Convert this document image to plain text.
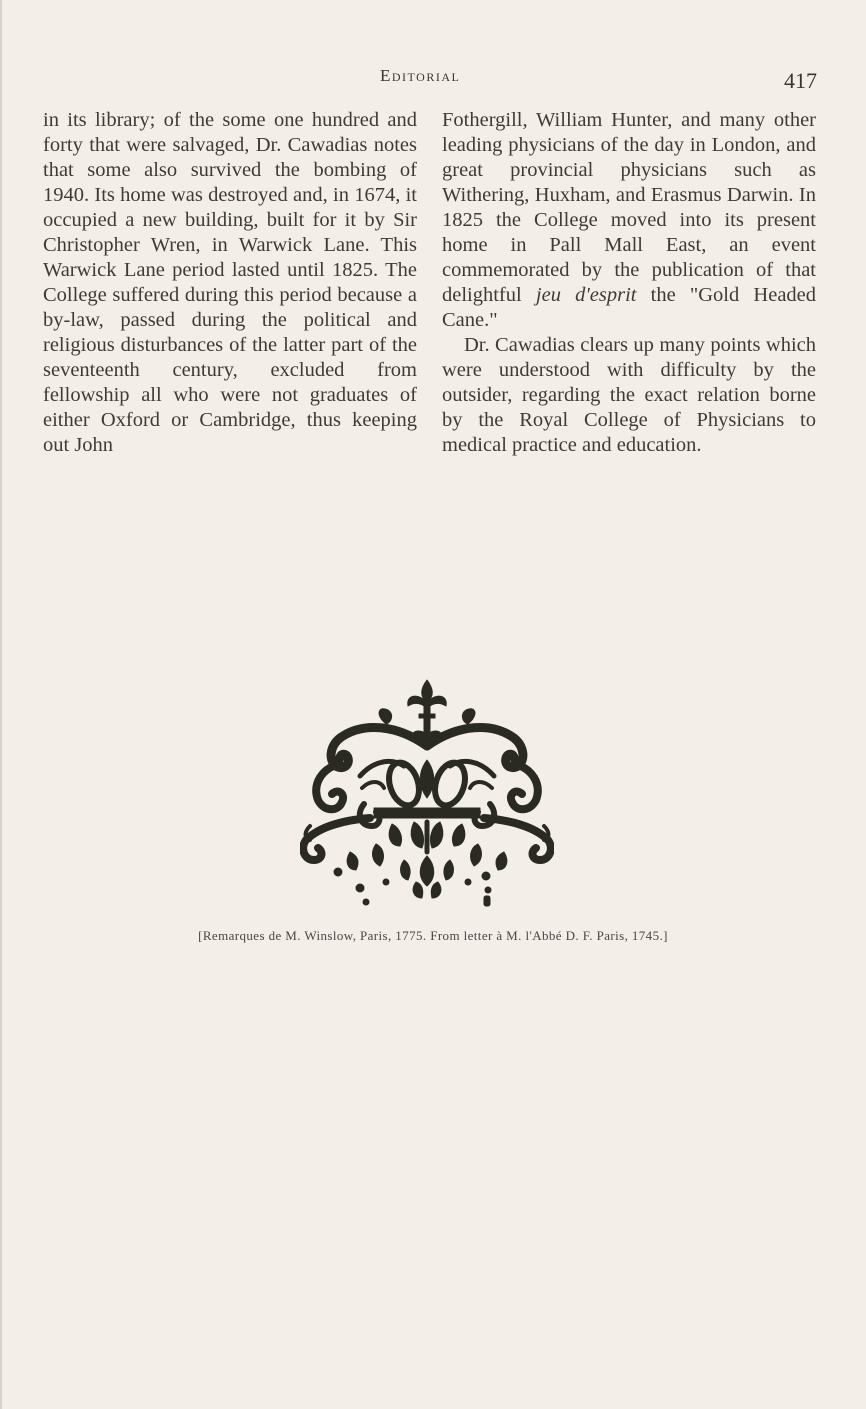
Editorial	417

in its library; of the some one hundred and forty that were salvaged, Dr. Cawadias notes that some also survived the bombing of 1940. Its home was destroyed and, in 1674, it occupied a new building, built for it by Sir Christopher Wren, in Warwick Lane. This Warwick Lane period lasted until 1825. The College suffered during this period because a by-law, passed during the political and religious disturbances of the latter part of the seventeenth century, excluded from fellowship all who were not graduates of either Oxford or Cambridge, thus keeping out John

Fothergill, William Hunter, and many other leading physicians of the day in London, and great provincial physicians such as Withering, Huxham, and Erasmus Darwin. In 1825 the College moved into its present home in Pall Mall East, an event commemorated by the publication of that delightful jeu d'esprit the "Gold Headed Cane."

Dr. Cawadias clears up many points which were understood with difficulty by the outsider, regarding the exact relation borne by the Royal College of Physicians to medical practice and education.

[Remarques de M. Winslow, Paris, 1775. From letter à M. l'Abbé D. F. Paris, 1745.]
